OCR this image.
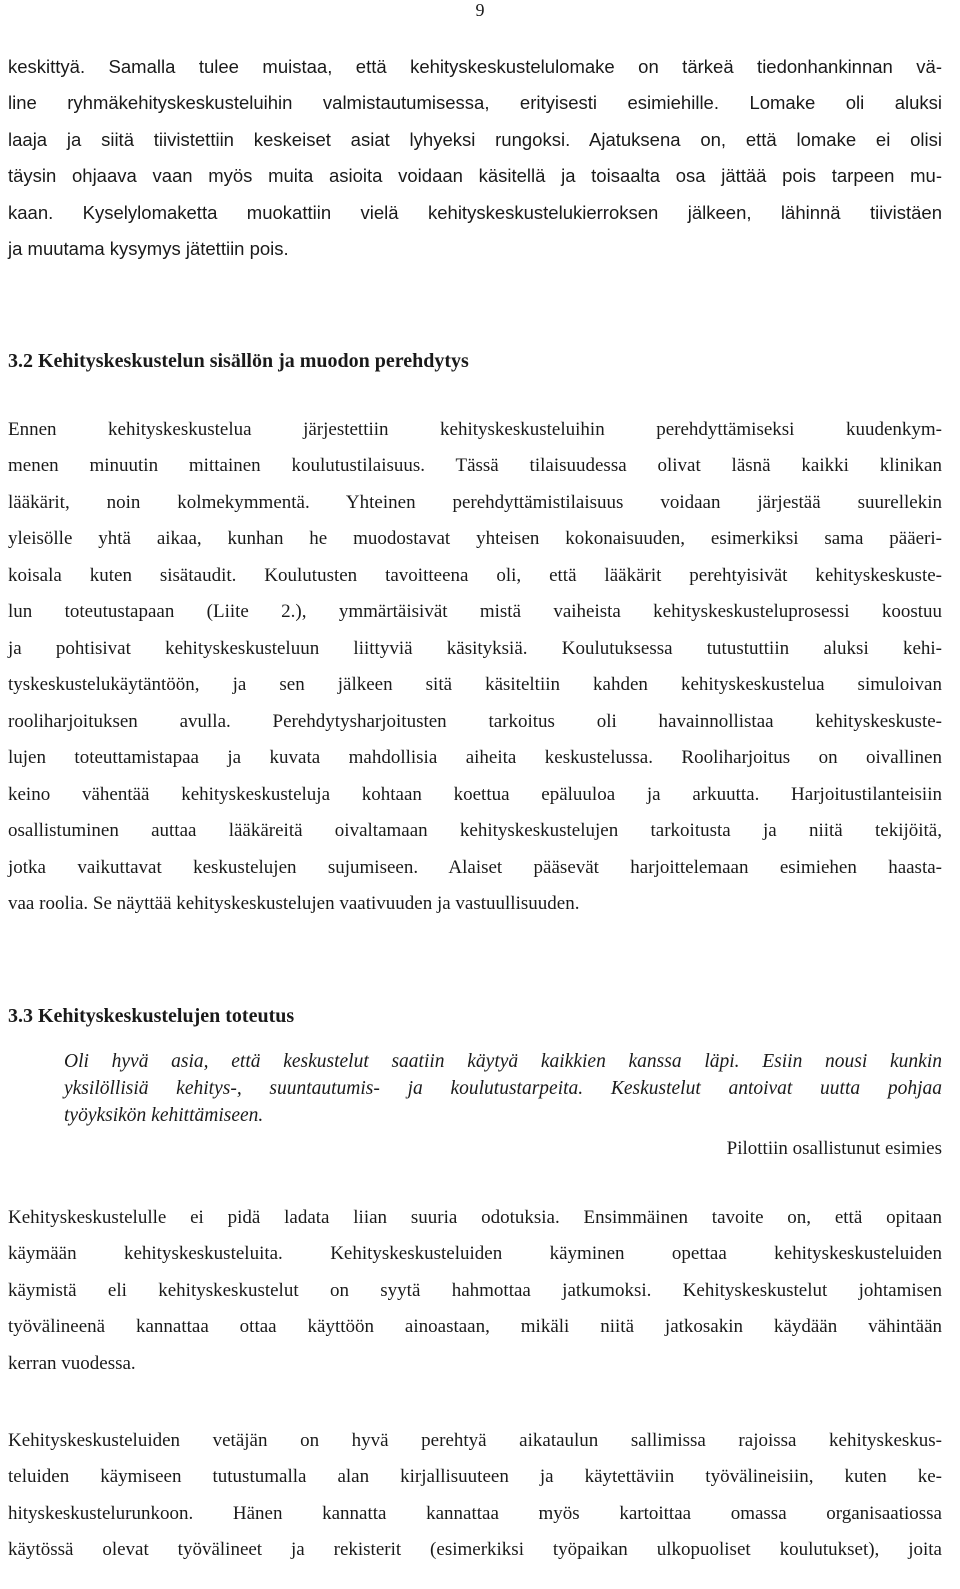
9
keskittyä. Samalla tulee muistaa, että kehityskeskustelulomake on tärkeä tiedonhankinnan vä-
line ryhmäkehityskeskusteluihin valmistautumisessa, erityisesti esimiehille. Lomake oli aluksi
laaja ja siitä tiivistettiin keskeiset asiat lyhyeksi rungoksi. Ajatuksena on, että lomake ei olisi
täysin ohjaava vaan myös muita asioita voidaan käsitellä ja toisaalta osa jättää pois tarpeen mu-
kaan. Kyselylomaketta muokattiin vielä kehityskeskustelukierroksen jälkeen, lähinnä tiivistäen
ja muutama kysymys jätettiin pois.
3.2 Kehityskeskustelun sisällön ja muodon perehdytys
Ennen kehityskeskustelua järjestettiin kehityskeskusteluihin perehdyttämiseksi kuudenkym-
menen minuutin mittainen koulutustilaisuus. Tässä tilaisuudessa olivat läsnä kaikki klinikan
lääkärit, noin kolmekymmentä. Yhteinen perehdyttämistilaisuus voidaan järjestää suurellekin
yleisölle yhtä aikaa, kunhan he muodostavat yhteisen kokonaisuuden, esimerkiksi sama pääeri-
koisala kuten sisätaudit. Koulutusten tavoitteena oli, että lääkärit perehtyisivät kehityskeskuste-
lun toteutustapaan (Liite 2.), ymmärtäisivät mistä vaiheista kehityskeskusteluprosessi koostuu
ja pohtisivat kehityskeskusteluun liittyviä käsityksiä. Koulutuksessa tutustuttiin aluksi kehi-
tyskeskustelukäytäntöön, ja sen jälkeen sitä käsiteltiin kahden kehityskeskustelua simuloivan
rooliharjoituksen avulla. Perehdytysharjoitusten tarkoitus oli havainnollistaa kehityskeskuste-
lujen toteuttamistapaa ja kuvata mahdollisia aiheita keskustelussa. Rooliharjoitus on oivallinen
keino vähentää kehityskeskusteluja kohtaan koettua epäluuloa ja arkuutta. Harjoitustilanteisiin
osallistuminen auttaa lääkäreitä oivaltamaan kehityskeskustelujen tarkoitusta ja niitä tekijöitä,
jotka vaikuttavat keskustelujen sujumiseen. Alaiset pääsevät harjoittelemaan esimiehen haasta-
vaa roolia. Se näyttää kehityskeskustelujen vaativuuden ja vastuullisuuden.
3.3 Kehityskeskustelujen toteutus
Oli hyvä asia, että keskustelut saatiin käytyä kaikkien kanssa läpi. Esiin nousi kunkin
yksilöllisiä kehitys-, suuntautumis- ja koulutustarpeita. Keskustelut antoivat uutta pohjaa
työyksikön kehittämiseen.
Pilottiin osallistunut esimies
Kehityskeskustelulle ei pidä ladata liian suuria odotuksia. Ensimmäinen tavoite on, että opitaan
käymään kehityskeskusteluita. Kehityskeskusteluiden käyminen opettaa kehityskeskusteluiden
käymistä eli kehityskeskustelut on syytä hahmottaa jatkumoksi. Kehityskeskustelut johtamisen
työvälineenä kannattaa ottaa käyttöön ainoastaan, mikäli niitä jatkosakin käydään vähintään
kerran vuodessa.
Kehityskeskusteluiden vetäjän on hyvä perehtyä aikataulun sallimissa rajoissa kehityskeskus-
teluiden käymiseen tutustumalla alan kirjallisuuteen ja käytettäviin työvälineisiin, kuten ke-
hityskeskustelurunkoon. Hänen kannatta kannattaa myös kartoittaa omassa organisaatiossa
käytössä olevat työvälineet ja rekisterit (esimerkiksi työpaikan ulkopuoliset koulutukset), joita
